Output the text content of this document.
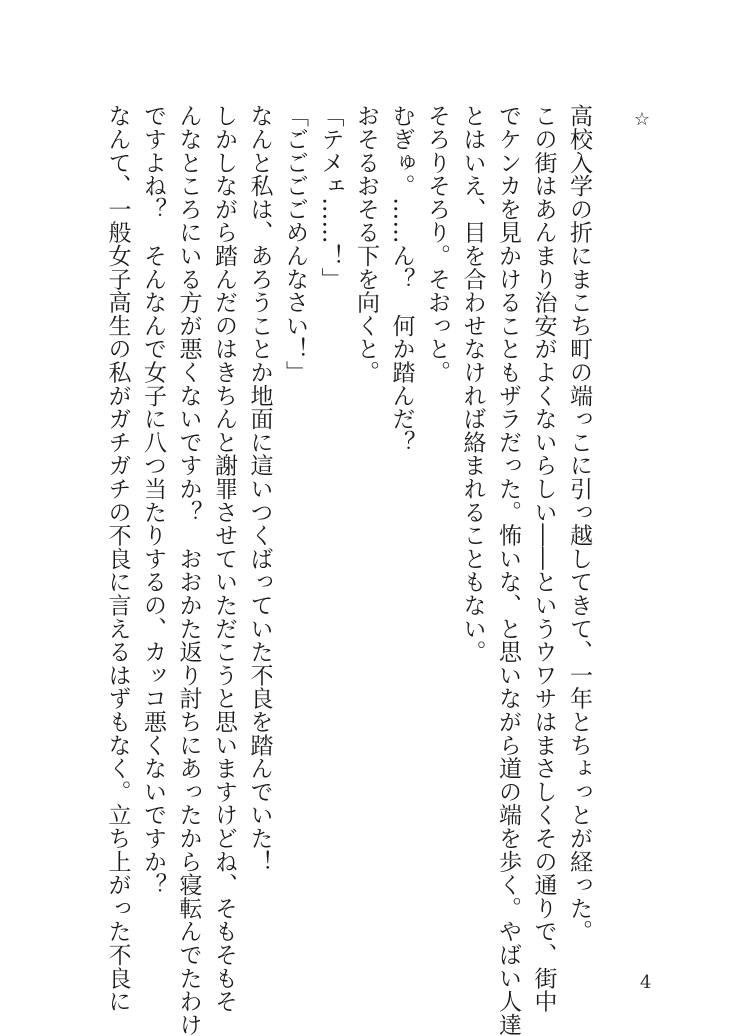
☆
高校入学の折にまこち町の端っこに引っ越してきて、一年とちょっとが経った。
この街はあんまり治安がよくないらしい――というウワサはまさしくその通りで、街中
でケンカを見かけることもザラだった。怖いな、と思いながら道の端を歩く。やばい人達
とはいえ、目を合わせなければ絡まれることもない。
そろりそろり。そおっと。
むぎゅ。……ん？　何か踏んだ？
おそるおそる下を向くと。
「テメェ……！」
「ごごごごめんなさい！」
なんと私は、あろうことか地面に這いつくばっていた不良を踏んでいた！
しかしながら踏んだのはきちんと謝罪させていただこうと思いますけどね、そもそもそ
んなところにいる方が悪くないですか？　おおかた返り討ちにあったから寝転んでたわけ
ですよね？　そんなんで女子に八つ当たりするの、カッコ悪くないですか？
なんて、一般女子高生の私がガチガチの不良に言えるはずもなく。立ち上がった不良に	4
